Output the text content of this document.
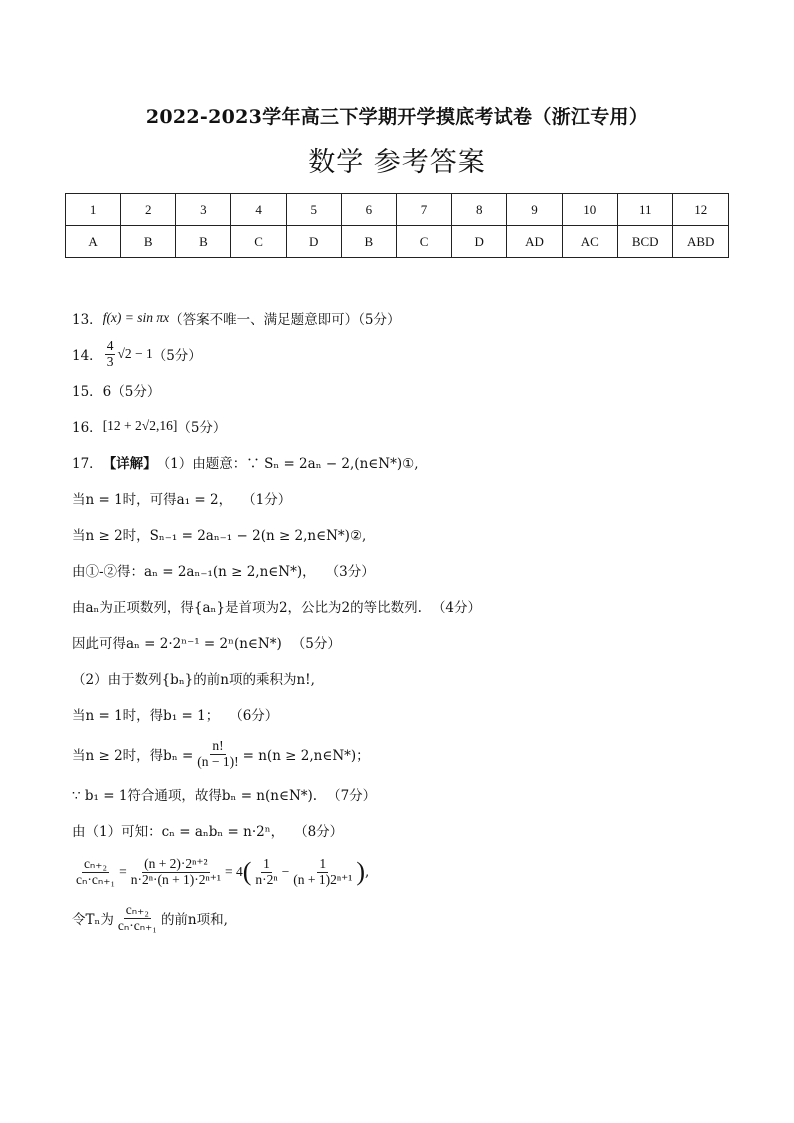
2022-2023学年高三下学期开学摸底考试卷（浙江专用）
数学 参考答案
1	2	3	4	5	6	7	8	9	10	11	12
A	B	B	C	D	B	C	D	AD	AC	BCD	ABD
13． f(x) = sin πx （答案不唯一、满足题意即可）（5分）
14． $\frac{4}{3} √2 - 1$ （5分）
15．6（5分）
16． [12 + 2√2,16] （5分）
17． 【详解】 （1）由题意：∵ Sₙ = 2aₙ − 2,(n∈N*)①,
当n = 1时，可得a₁ = 2， （1分）
当n ≥ 2时，Sₙ₋₁ = 2aₙ₋₁ − 2(n ≥ 2,n∈N*)②,
由①-②得：aₙ = 2aₙ₋₁(n ≥ 2,n∈N*)， （3分）
由aₙ为正项数列，得{aₙ}是首项为2，公比为2的等比数列. （4分）
因此可得aₙ = 2·2ⁿ⁻¹ = 2ⁿ(n∈N*) （5分）
（2）由于数列{bₙ}的前n项的乘积为n!,
当n = 1时，得b₁ = 1； （6分）
当n ≥ 2时，得$b_n = \frac{n!}{(n - 1)!} = n(n$ ≥ 2,n∈N*)；
∵ b₁ = 1符合通项，故得bₙ = n(n∈N*). （7分）
由（1）可知：cₙ = aₙbₙ = n·2ⁿ， （8分）
$\frac{\text{cₙ₊₂}}{\text{cₙ·cₙ₊₁}} = \frac{\text{(n + 2)·2ⁿ⁺²}}{\text{n·2ⁿ·(n + 1)·2ⁿ⁺¹}} = 4$ ( $\frac{1}{\text{n·2ⁿ}} - \frac{1}{\text{(n + 1)2ⁿ⁺¹}}$ ) ,
令Tₙ为 $\frac{\text{cₙ₊₂}}{\text{cₙ·cₙ₊₁}}$ 的前n项和,
